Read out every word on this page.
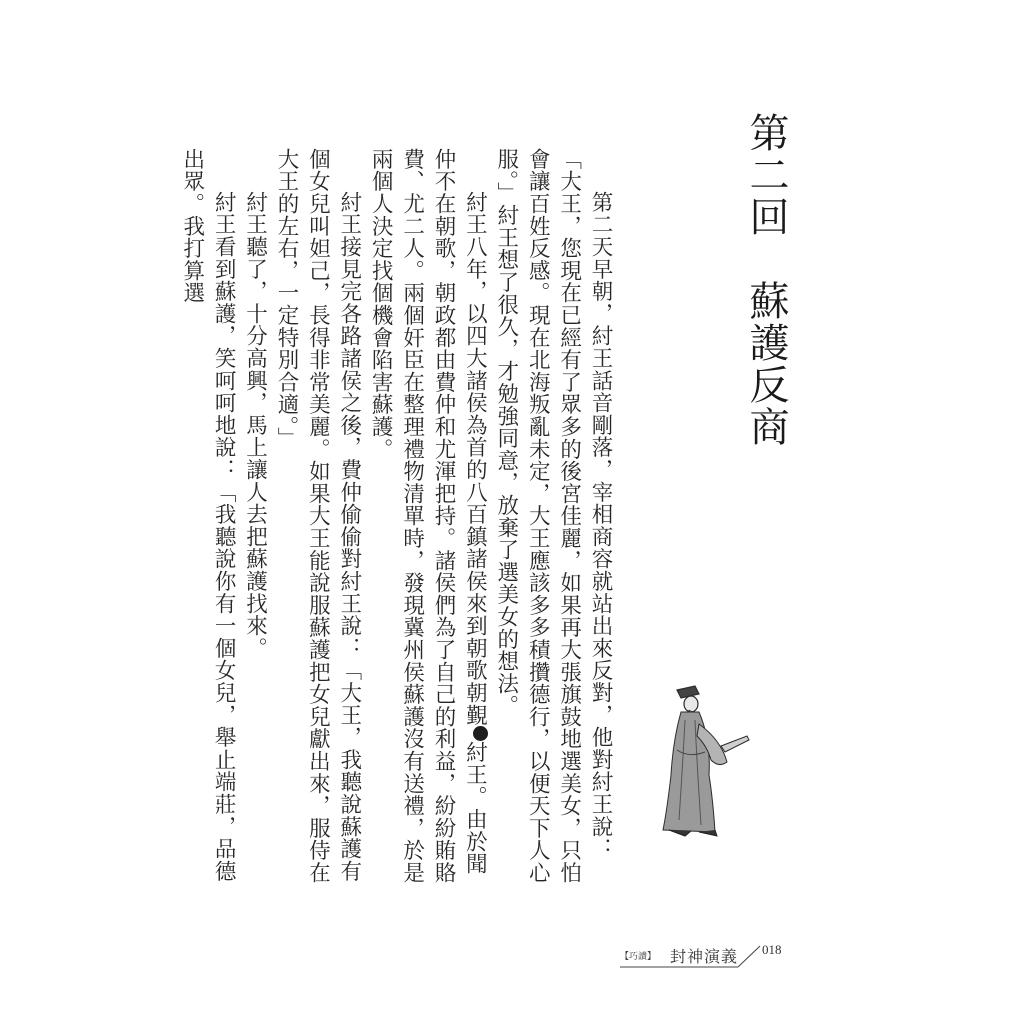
第二回　蘇護反商

第二天早朝，紂王話音剛落，宰相商容就站出來反對，他對紂王說：「大王，您現在已經有了眾多的後宮佳麗，如果再大張旗鼓地選美女，只怕會讓百姓反感。現在北海叛亂未定，大王應該多多積攢德行，以便天下人心服。」紂王想了很久，才勉強同意，放棄了選美女的想法。

紂王八年，以四大諸侯為首的八百鎮諸侯來到朝歌朝覲1紂王。由於聞仲不在朝歌，朝政都由費仲和尤渾把持。諸侯們為了自己的利益，紛紛賄賂費、尤二人。兩個奸臣在整理禮物清單時，發現冀州侯蘇護沒有送禮，於是兩個人決定找個機會陷害蘇護。

紂王接見完各路諸侯之後，費仲偷偷對紂王說：「大王，我聽說蘇護有個女兒叫妲己，長得非常美麗。如果大王能說服蘇護把女兒獻出來，服侍在大王的左右，一定特別合適。」

紂王聽了，十分高興，馬上讓人去把蘇護找來。

紂王看到蘇護，笑呵呵地說：「我聽說你有一個女兒，舉止端莊，品德出眾。我打算選

【巧讀】 封神演義 018
